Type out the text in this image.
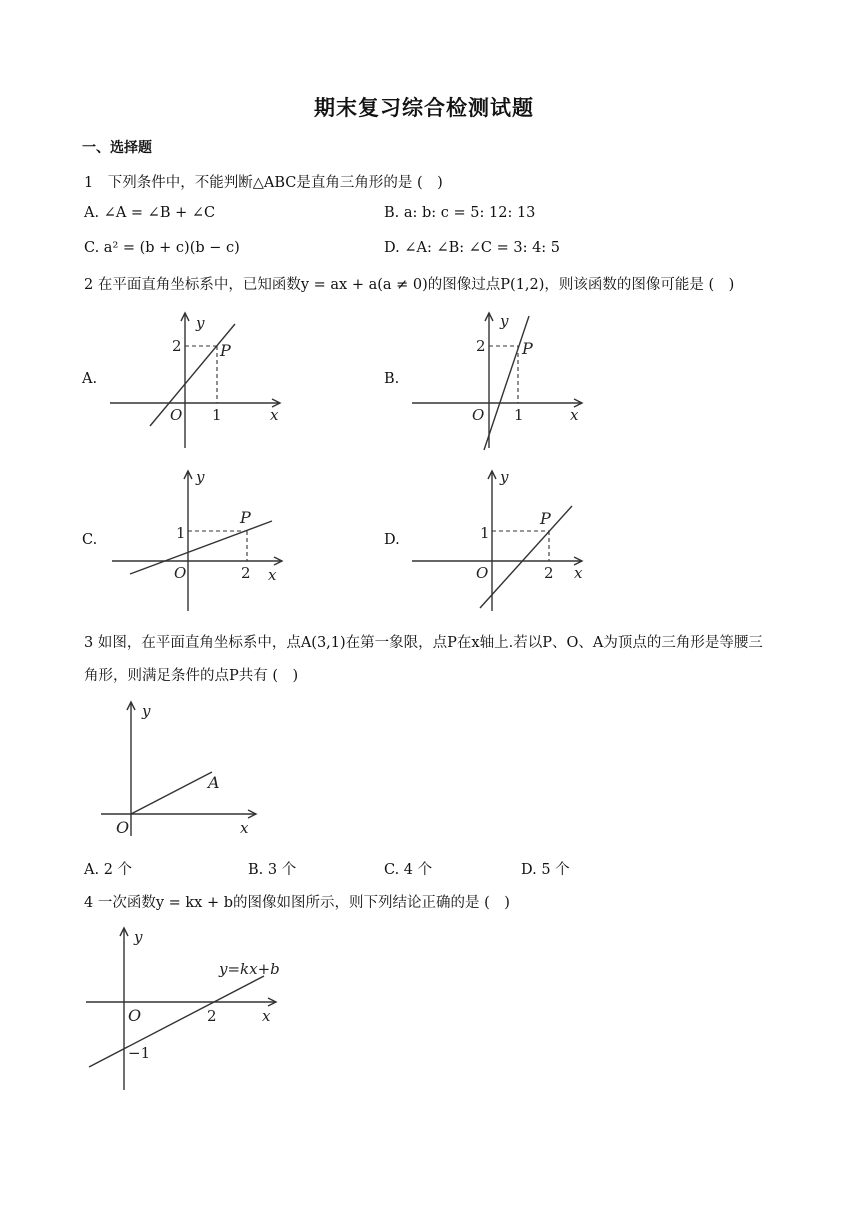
期末复习综合检测试题
一、选择题
1　下列条件中，不能判断△ABC是直角三角形的是 (　)
A. ∠A = ∠B + ∠C	B. a: b: c = 5: 12: 13
C. a² = (b + c)(b − c)	D. ∠A: ∠B: ∠C = 3: 4: 5
2 在平面直角坐标系中，已知函数y = ax + a(a ≠ 0)的图像过点P(1,2)，则该函数的图像可能是 (　)
A.	B.
C.	D.
y
2 P
O 1	x
y
2 P
O 1	x
y
1
P
O	2 x
y
1
P
O	2 x
3 如图，在平面直角坐标系中，点A(3,1)在第一象限，点P在x轴上.若以P、O、A为顶点的三角形是等腰三
角形，则满足条件的点P共有 (　)
y
A
O	x
A. 2 个	B. 3 个	C. 4 个	D. 5 个
4 一次函数y = kx + b的图像如图所示，则下列结论正确的是 (　)
y
y=kx+b
O	2	x
−1
